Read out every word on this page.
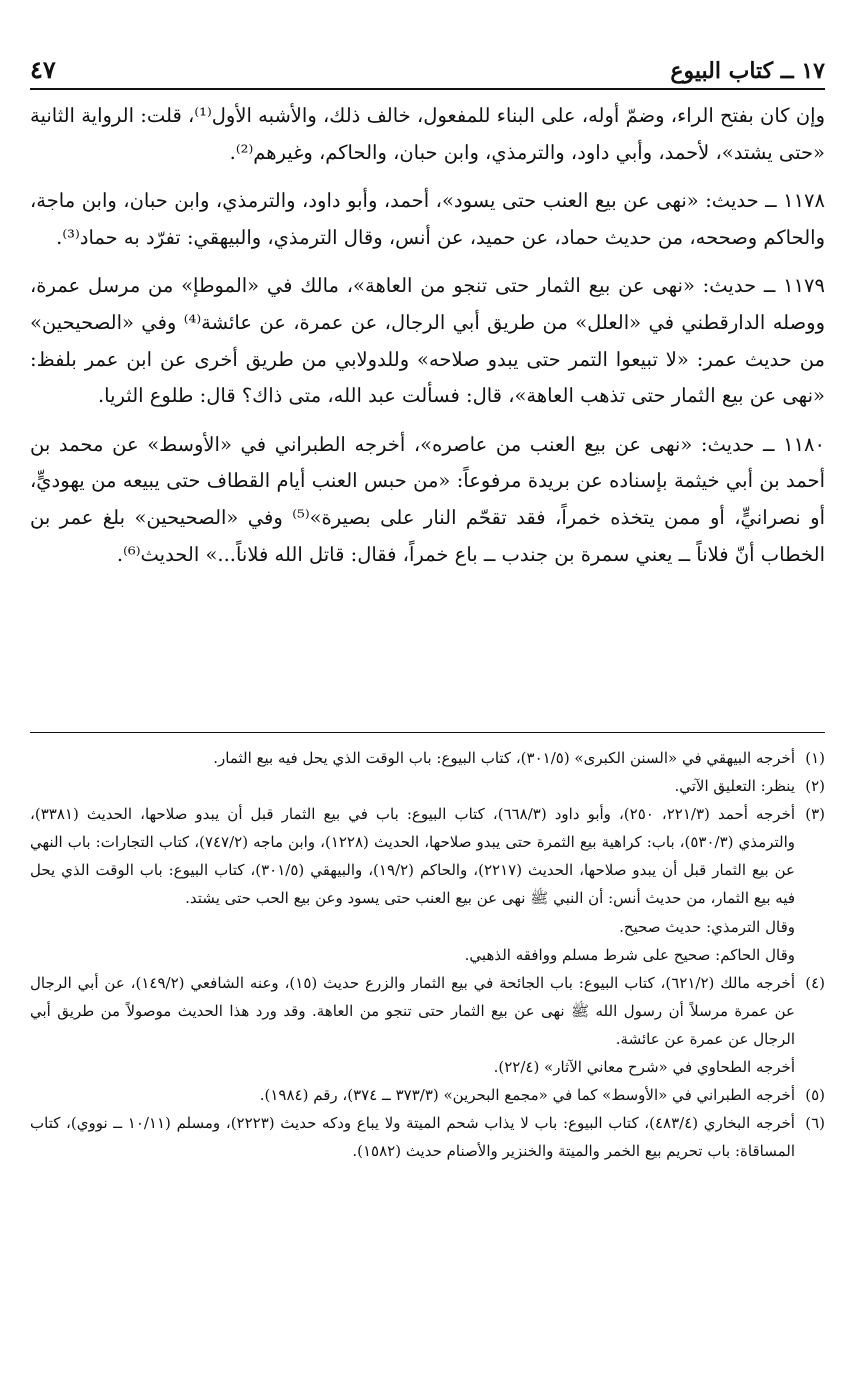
١٧ ــ كتاب البيوع
٤٧

وإن كان بفتح الراء، وضمّ أوله، على البناء للمفعول، خالف ذلك، والأشبه الأول⁽¹⁾، قلت: الرواية الثانية «حتى يشتد»، لأحمد، وأبي داود، والترمذي، وابن حبان، والحاكم، وغيرهم⁽²⁾.

١١٧٨ ــ حديث: «نهى عن بيع العنب حتى يسود»، أحمد، وأبو داود، والترمذي، وابن حبان، وابن ماجة، والحاكم وصححه، من حديث حماد، عن حميد، عن أنس، وقال الترمذي، والبيهقي: تفرّد به حماد⁽³⁾.

١١٧٩ ــ حديث: «نهى عن بيع الثمار حتى تنجو من العاهة»، مالك في «الموطإ» من مرسل عمرة، ووصله الدارقطني في «العلل» من طريق أبي الرجال، عن عمرة، عن عائشة⁽⁴⁾ وفي «الصحيحين» من حديث عمر: «لا تبيعوا التمر حتى يبدو صلاحه» وللدولابي من طريق أخرى عن ابن عمر بلفظ: «نهى عن بيع الثمار حتى تذهب العاهة»، قال: فسألت عبد الله، متى ذاك؟ قال: طلوع الثريا.

١١٨٠ ــ حديث: «نهى عن بيع العنب من عاصره»، أخرجه الطبراني في «الأوسط» عن محمد بن أحمد بن أبي خيثمة بإسناده عن بريدة مرفوعاً: «من حبس العنب أيام القطاف حتى يبيعه من يهوديٍّ، أو نصرانيٍّ، أو ممن يتخذه خمراً، فقد تقحّم النار على بصيرة»⁽⁵⁾ وفي «الصحيحين» بلغ عمر بن الخطاب أنّ فلاناً ــ يعني سمرة بن جندب ــ باع خمراً، فقال: قاتل الله فلاناً...» الحديث⁽⁶⁾.

(١)
أخرجه البيهقي في «السنن الكبرى» (٣٠١/٥)، كتاب البيوع: باب الوقت الذي يحل فيه بيع الثمار.
(٢)
ينظر: التعليق الآتي.
(٣)
أخرجه أحمد (٢٢١/٣، ٢٥٠)، وأبو داود (٦٦٨/٣)، كتاب البيوع: باب في بيع الثمار قبل أن يبدو صلاحها، الحديث (٣٣٨١)، والترمذي (٥٣٠/٣)، باب: كراهية بيع الثمرة حتى يبدو صلاحها، الحديث (١٢٢٨)، وابن ماجه (٧٤٧/٢)، كتاب التجارات: باب النهي عن بيع الثمار قبل أن يبدو صلاحها، الحديث (٢٢١٧)، والحاكم (١٩/٢)، والبيهقي (٣٠١/٥)، كتاب البيوع: باب الوقت الذي يحل فيه بيع الثمار، من حديث أنس: أن النبي ﷺ نهى عن بيع العنب حتى يسود وعن بيع الحب حتى يشتد.
وقال الترمذي: حديث صحيح.
وقال الحاكم: صحيح على شرط مسلم ووافقه الذهبي.
(٤)
أخرجه مالك (٦٢١/٢)، كتاب البيوع: باب الجائحة في بيع الثمار والزرع حديث (١٥)، وعنه الشافعي (١٤٩/٢)، عن أبي الرجال عن عمرة مرسلاً أن رسول الله ﷺ نهى عن بيع الثمار حتى تنجو من العاهة. وقد ورد هذا الحديث موصولاً من طريق أبي الرجال عن عمرة عن عائشة.
أخرجه الطحاوي في «شرح معاني الآثار» (٢٢/٤).
(٥)
أخرجه الطبراني في «الأوسط» كما في «مجمع البحرين» (٣٧٣/٣ ــ ٣٧٤)، رقم (١٩٨٤).
(٦)
أخرجه البخاري (٤٨٣/٤)، كتاب البيوع: باب لا يذاب شحم الميتة ولا يباع ودكه حديث (٢٢٢٣)، ومسلم (١٠/١١ ــ نووي)، كتاب المساقاة: باب تحريم بيع الخمر والميتة والخنزير والأصنام حديث (١٥٨٢).
